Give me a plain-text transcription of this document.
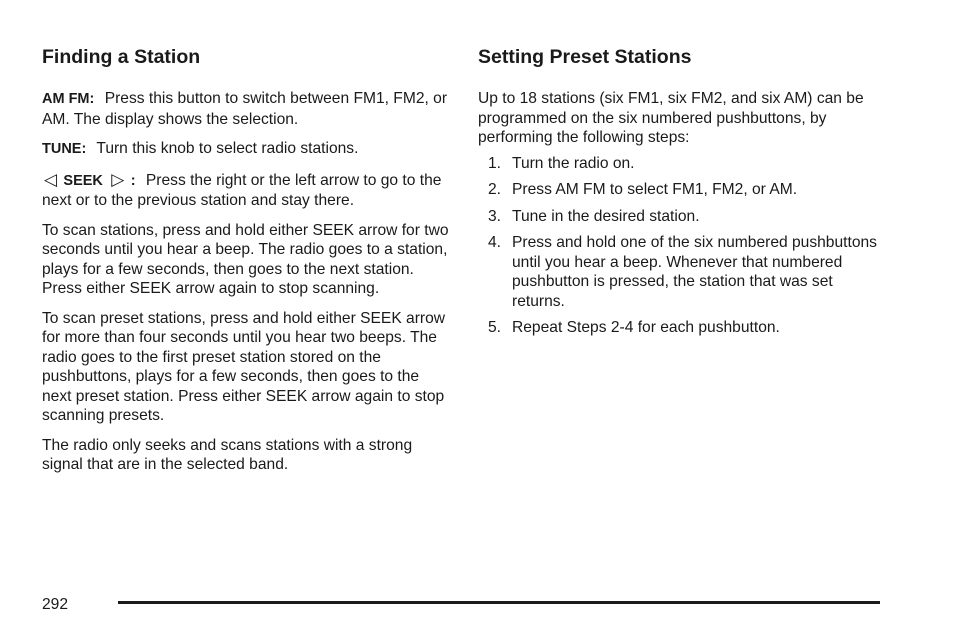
Finding a Station

AM FM: Press this button to switch between FM1, FM2, or AM. The display shows the selection.

TUNE: Turn this knob to select radio stations.

◁ SEEK ▷ : Press the right or the left arrow to go to the next or to the previous station and stay there.

To scan stations, press and hold either SEEK arrow for two seconds until you hear a beep. The radio goes to a station, plays for a few seconds, then goes to the next station. Press either SEEK arrow again to stop scanning.

To scan preset stations, press and hold either SEEK arrow for more than four seconds until you hear two beeps. The radio goes to the first preset station stored on the pushbuttons, plays for a few seconds, then goes to the next preset station. Press either SEEK arrow again to stop scanning presets.

The radio only seeks and scans stations with a strong signal that are in the selected band.

Setting Preset Stations

Up to 18 stations (six FM1, six FM2, and six AM) can be programmed on the six numbered pushbuttons, by performing the following steps:

1. Turn the radio on.
2. Press AM FM to select FM1, FM2, or AM.
3. Tune in the desired station.
4. Press and hold one of the six numbered pushbuttons until you hear a beep. Whenever that numbered pushbutton is pressed, the station that was set returns.
5. Repeat Steps 2-4 for each pushbutton.
292
